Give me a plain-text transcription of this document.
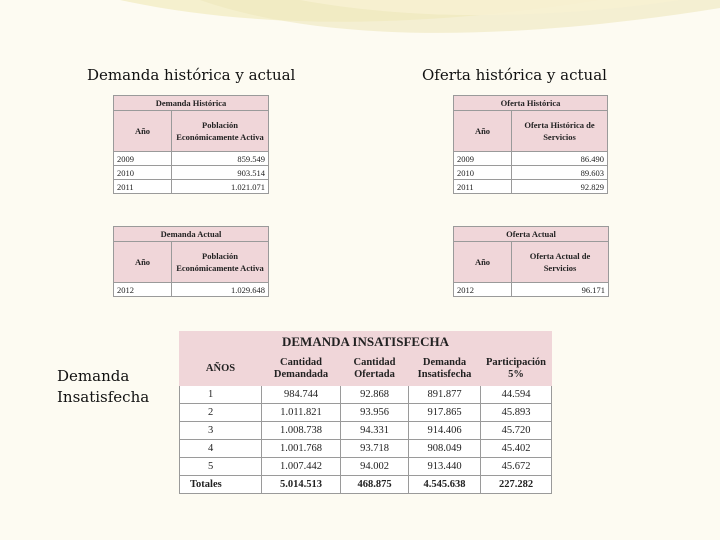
Demanda histórica y actual	Oferta histórica y actual
Demanda Insatisfecha
Demanda Histórica	
Año	Población Económicamente Activa
2009	859.549
2010	903.514
2011	1.021.071
Demanda Actual	
Año	Población Económicamente Activa
2012	1.029.648
Oferta Histórica	
Año	Oferta Histórica de Servicios
2009	86.490
2010	89.603
2011	92.829
Oferta Actual	
Año	Oferta Actual de Servicios
2012	96.171
DEMANDA INSATISFECHA				
AÑOS	Cantidad Demandada	Cantidad Ofertada	Demanda Insatisfecha	Participación 5%
1	984.744	92.868	891.877	44.594
2	1.011.821	93.956	917.865	45.893
3	1.008.738	94.331	914.406	45.720
4	1.001.768	93.718	908.049	45.402
5	1.007.442	94.002	913.440	45.672
Totales	5.014.513	468.875	4.545.638	227.282
